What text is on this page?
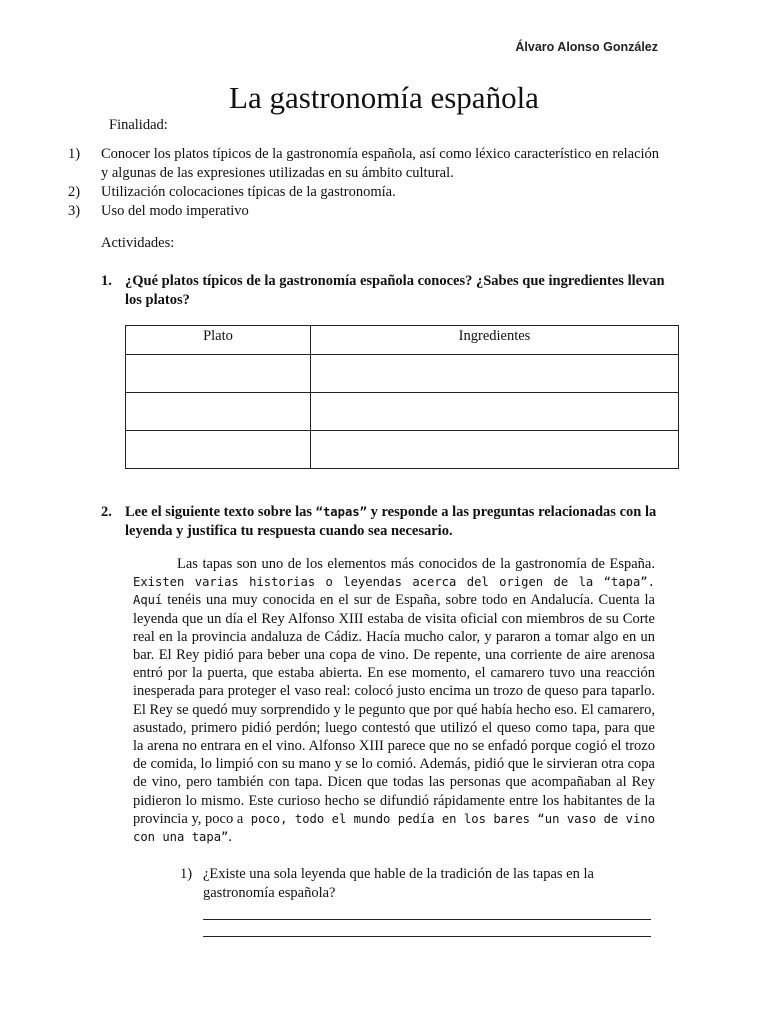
Álvaro Alonso González
La gastronomía española
Finalidad:
1)	Conocer los platos típicos de la gastronomía española, así como léxico característico en relación y algunas de las expresiones utilizadas en su ámbito cultural.
2)	Utilización colocaciones típicas de la gastronomía.
3)	Uso del modo imperativo
Actividades:
1. ¿Qué platos típicos de la gastronomía española conoces? ¿Sabes que ingredientes llevan los platos?
Plato	Ingredientes

2. Lee el siguiente texto sobre las “tapas” y responde a las preguntas relacionadas con la leyenda y justifica tu respuesta cuando sea necesario.

Las tapas son uno de los elementos más conocidos de la gastronomía de España. Existen varias historias o leyendas acerca del origen de la “tapa”. Aquí tenéis una muy conocida en el sur de España, sobre todo en Andalucía. Cuenta la leyenda que un día el Rey Alfonso XIII estaba de visita oficial con miembros de su Corte real en la provincia andaluza de Cádiz. Hacía mucho calor, y pararon a tomar algo en un bar. El Rey pidió para beber una copa de vino. De repente, una corriente de aire arenosa entró por la puerta, que estaba abierta. En ese momento, el camarero tuvo una reacción inesperada para proteger el vaso real: colocó justo encima un trozo de queso para taparlo. El Rey se quedó muy sorprendido y le pegunto que por qué había hecho eso. El camarero, asustado, primero pidió perdón; luego contestó que utilizó el queso como tapa, para que la arena no entrara en el vino. Alfonso XIII parece que no se enfadó porque cogió el trozo de comida, lo limpió con su mano y se lo comió. Además, pidió que le sirvieran otra copa de vino, pero también con tapa. Dicen que todas las personas que acompañaban al Rey pidieron lo mismo. Este curioso hecho se difundió rápidamente entre los habitantes de la provincia y, poco a poco, todo el mundo pedía en los bares “un vaso de vino con una tapa”.

1) ¿Existe una sola leyenda que hable de la tradición de las tapas en la gastronomía española?
